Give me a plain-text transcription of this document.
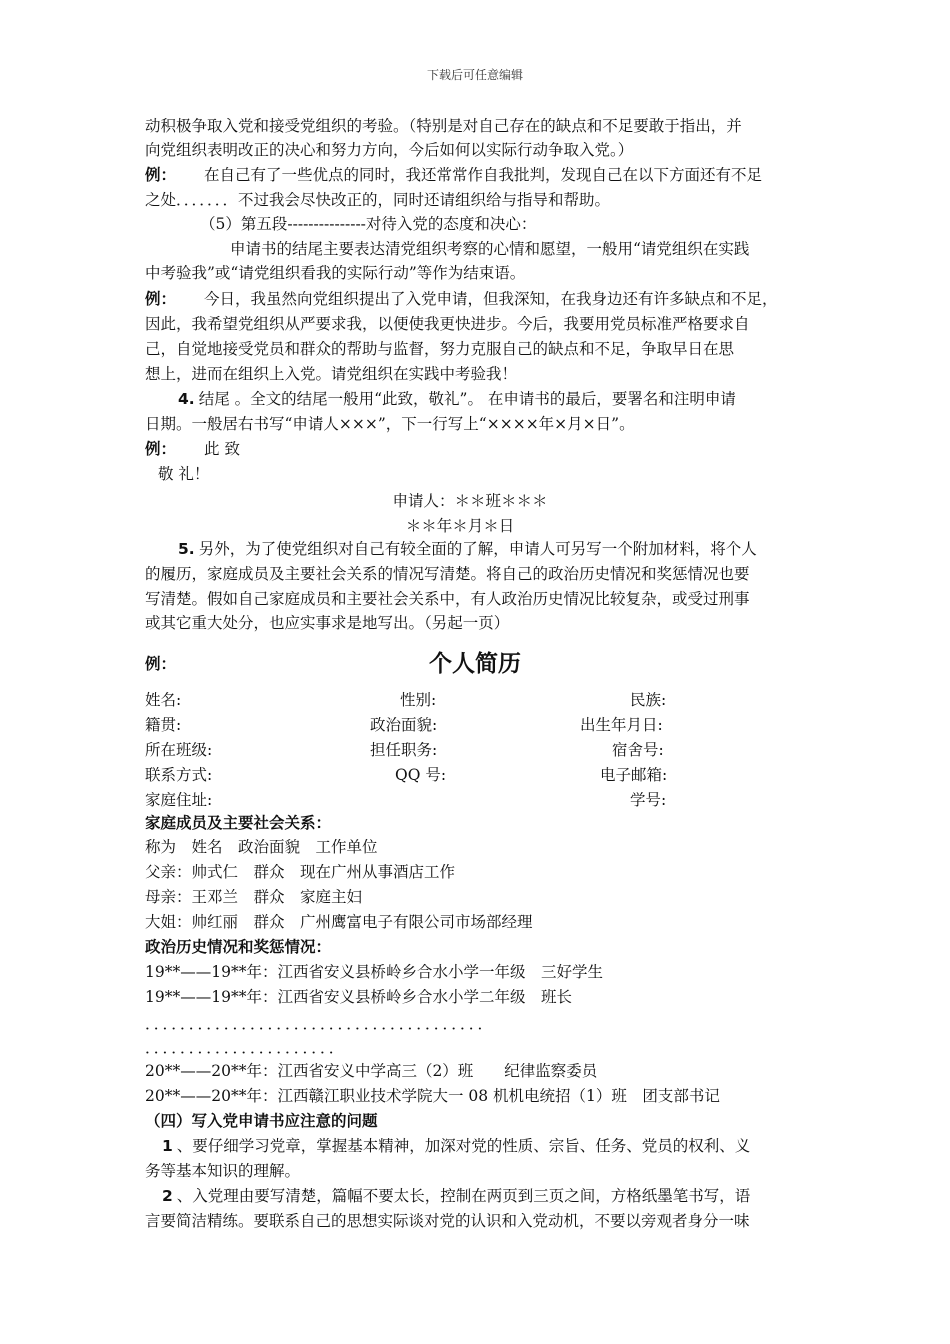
下载后可任意编辑
动积极争取入党和接受党组织的考验。（特别是对自己存在的缺点和不足要敢于指出，并
向党组织表明改正的决心和努力方向，今后如何以实际行动争取入党。）
例： 在自己有了一些优点的同时，我还常常作自我批判，发现自己在以下方面还有不足
之处．．．．．．．不过我会尽快改正的，同时还请组织给与指导和帮助。
（5）第五段---------------对待入党的态度和决心：
申请书的结尾主要表达清党组织考察的心情和愿望，一般用“请党组织在实践
中考验我”或“请党组织看我的实际行动”等作为结束语。
例： 今日，我虽然向党组织提出了入党申请，但我深知，在我身边还有许多缺点和不足，
因此，我希望党组织从严要求我，以便使我更快进步。今后，我要用党员标准严格要求自
己，自觉地接受党员和群众的帮助与监督，努力克服自己的缺点和不足，争取早日在思
想上，进而在组织上入党。请党组织在实践中考验我！
4. 结尾 。全文的结尾一般用“此致，敬礼”。 在申请书的最后，要署名和注明申请
日期。一般居右书写“申请人×××”，下一行写上“××××年×月×日”。
例： 此 致
敬 礼！
申请人：＊＊班＊＊＊
＊＊年＊月＊日
5. 另外，为了使党组织对自己有较全面的了解，申请人可另写一个附加材料，将个人
的履历，家庭成员及主要社会关系的情况写清楚。将自己的政治历史情况和奖惩情况也要
写清楚。假如自己家庭成员和主要社会关系中，有人政治历史情况比较复杂，或受过刑事
或其它重大处分，也应实事求是地写出。（另起一页）
例：	个人简历
姓名:	性别:	民族:
籍贯:	政治面貌:	出生年月日:
所在班级:	担任职务:	宿舍号:
联系方式:	QQ 号:	电子邮箱:
家庭住址:	学号:
家庭成员及主要社会关系：
称为　姓名　政治面貌　工作单位
父亲：帅式仁　群众　现在广州从事酒店工作
母亲：王邓兰　群众　家庭主妇
大姐：帅红丽　群众　广州鹰富电子有限公司市场部经理
政治历史情况和奖惩情况：
19**——19**年：江西省安义县桥岭乡合水小学一年级　三好学生
19**——19**年：江西省安义县桥岭乡合水小学二年级　班长
．．．．．．．．．．．．．．．．．．．．．．．．．．．．．．．．．．．．．．．
．．．．．．．．．．．．．．．．．．．．．．
20**——20**年：江西省安义中学高三（2）班　　纪律监察委员
20**——20**年：江西赣江职业技术学院大一 08 机机电统招（1）班　团支部书记
（四）写入党申请书应注意的问题
1 、要仔细学习党章，掌握基本精神，加深对党的性质、宗旨、任务、党员的权利、义
务等基本知识的理解。
2 、入党理由要写清楚，篇幅不要太长，控制在两页到三页之间，方格纸墨笔书写，语
言要简洁精练。要联系自己的思想实际谈对党的认识和入党动机，不要以旁观者身分一味
